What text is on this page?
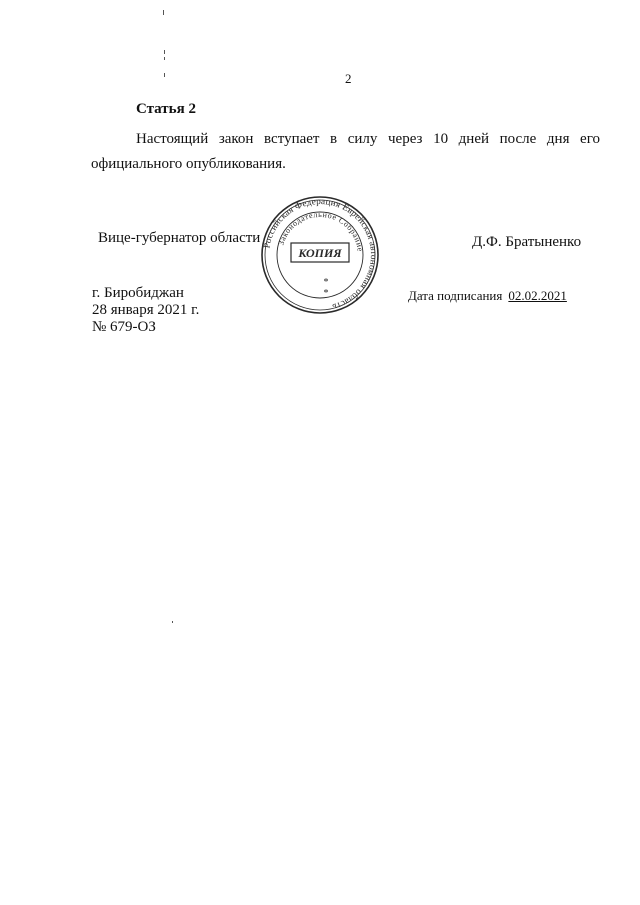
2
Статья 2
Настоящий закон вступает в силу через 10 дней после дня его
официального опубликования.
Вице-губернатор области	Д.Ф. Братыненко
Российская Федерация Еврейская автономная область
Законодательное Собрание
КОПИЯ
*
*
г. Биробиджан
28 января 2021 г.
№ 679-ОЗ
Дата подписания 02.02.2021
